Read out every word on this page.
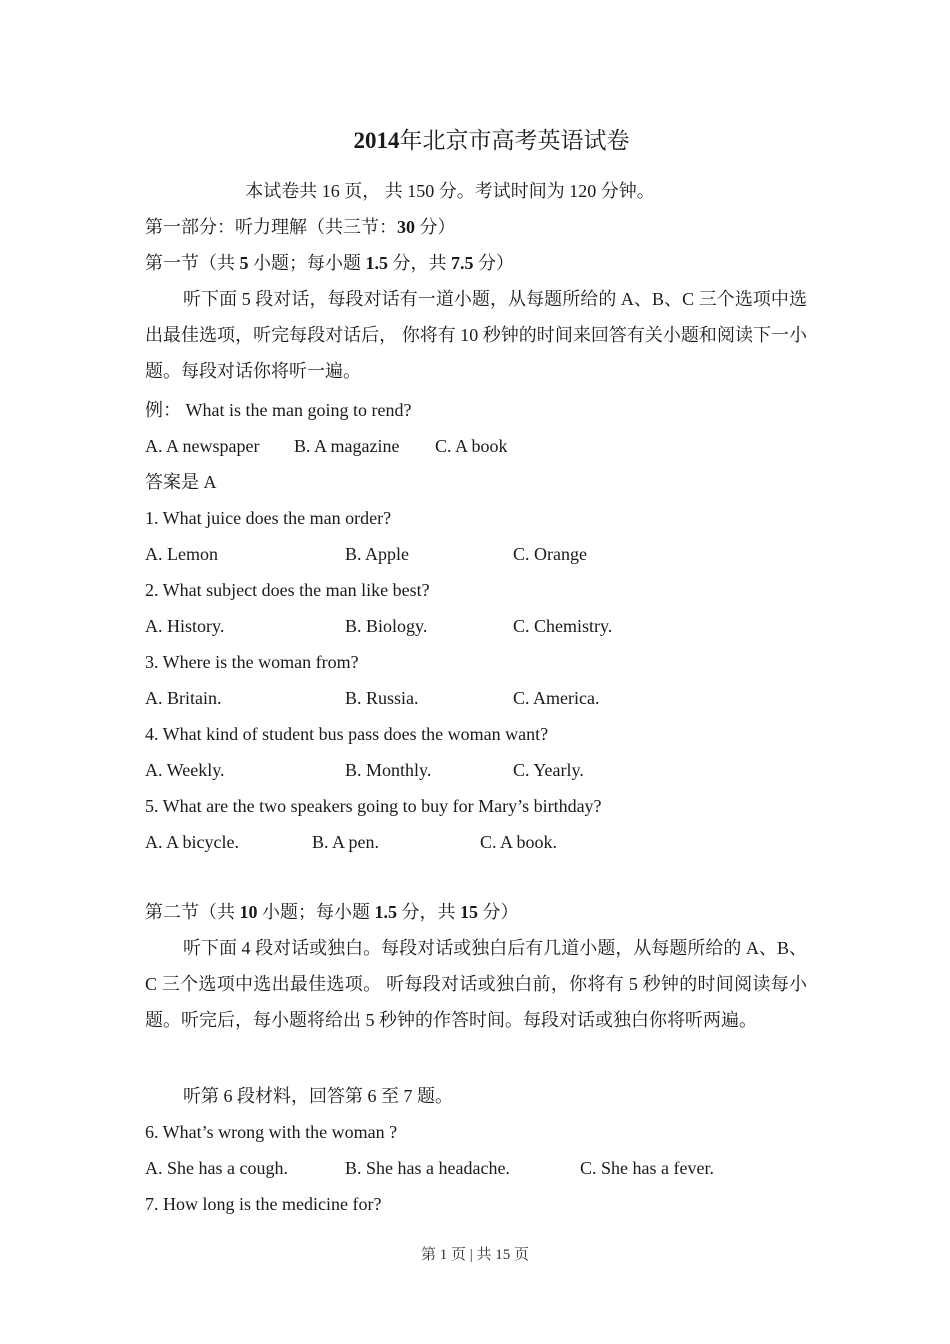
2014年北京市高考英语试卷
本试卷共 16 页， 共 150 分。考试时间为 120 分钟。
第一部分：听力理解（共三节：30 分）
第一节（共 5 小题；每小题 1.5 分，共 7.5 分）
听下面 5 段对话，每段对话有一道小题，从每题所给的 A、B、C 三个选项中选出最佳选项，听完每段对话后， 你将有 10 秒钟的时间来回答有关小题和阅读下一小题。每段对话你将听一遍。
例： What is the man going to rend?
A. A newspaper B. A magazine C. A book
答案是 A
1. What juice does the man order?
A. Lemon	B. Apple	C. Orange
2. What subject does the man like best?
A. History.	B. Biology.	C. Chemistry.
3. Where is the woman from?
A. Britain.	B. Russia.	C. America.
4. What kind of student bus pass does the woman want?
A. Weekly.	B. Monthly.	C. Yearly.
5. What are the two speakers going to buy for Mary’s birthday?
A. A bicycle.	B. A pen.	C. A book.
第二节（共 10 小题；每小题 1.5 分，共 15 分）
听下面 4 段对话或独白。每段对话或独白后有几道小题，从每题所给的 A、B、C 三个选项中选出最佳选项。 听每段对话或独白前，你将有 5 秒钟的时间阅读每小题。听完后，每小题将给出 5 秒钟的作答时间。每段对话或独白你将听两遍。
听第 6 段材料，回答第 6 至 7 题。
6. What’s wrong with the woman ?
A. She has a cough.	B. She has a headache.	C. She has a fever.
7. How long is the medicine for?
第 1 页 | 共 15 页
